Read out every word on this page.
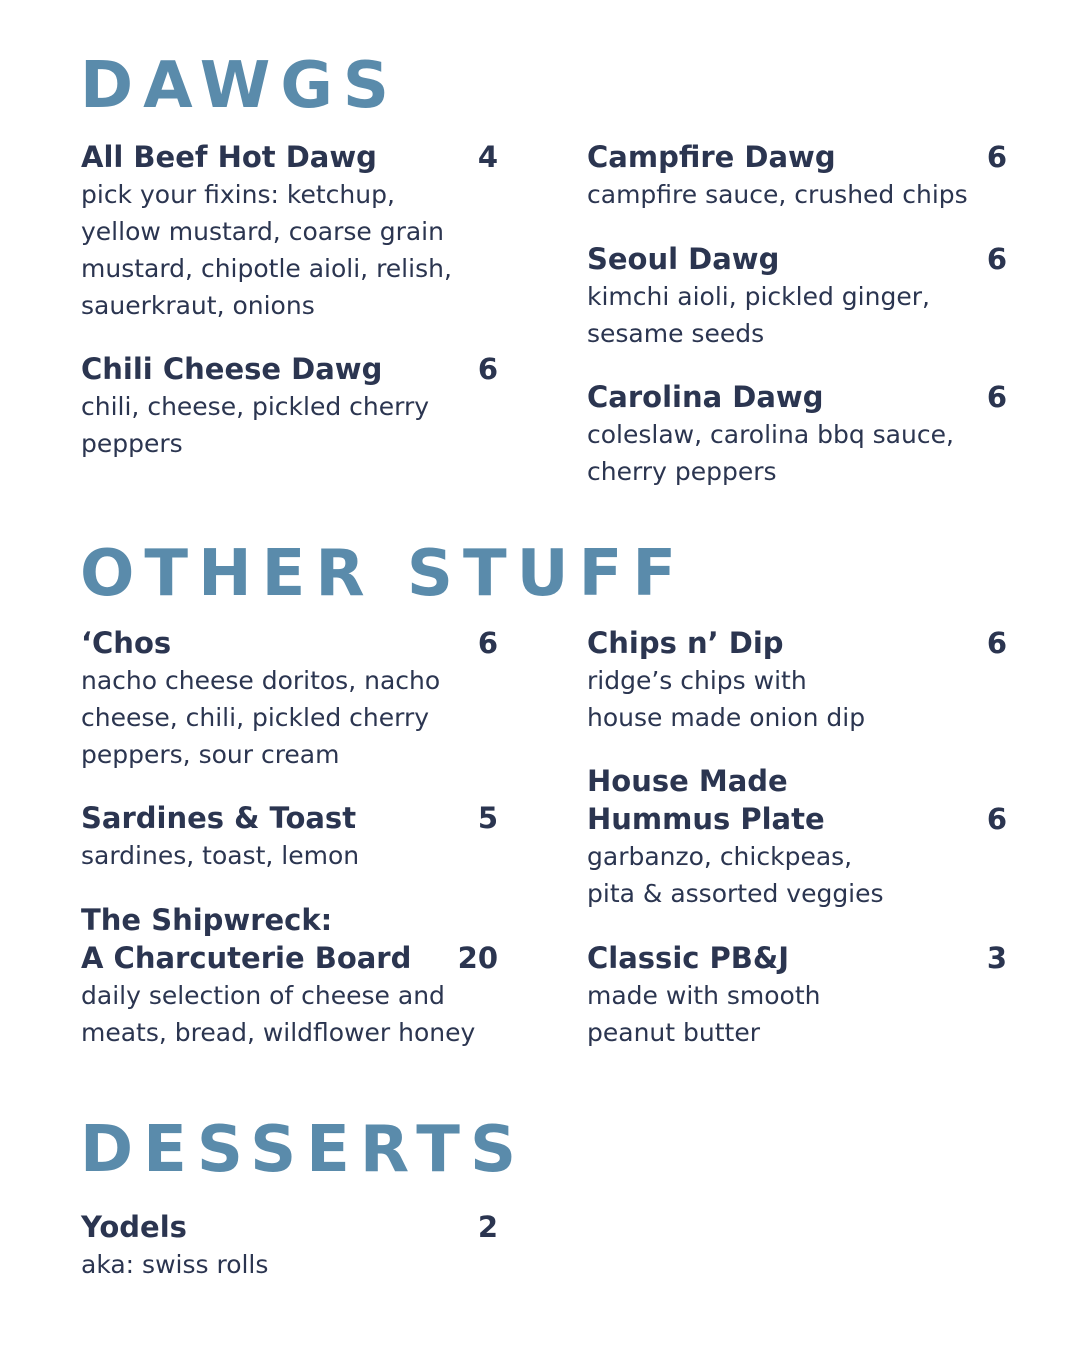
DAWGS
All Beef Hot Dawg	4
pick your fixins: ketchup,
yellow mustard, coarse grain
mustard, chipotle aioli, relish,
sauerkraut, onions
Chili Cheese Dawg	6
chili, cheese, pickled cherry
peppers
Campfire Dawg	6
campfire sauce, crushed chips
Seoul Dawg	6
kimchi aioli, pickled ginger,
sesame seeds
Carolina Dawg	6
coleslaw, carolina bbq sauce,
cherry peppers
OTHER STUFF
‘Chos	6
nacho cheese doritos, nacho
cheese, chili, pickled cherry
peppers, sour cream
Sardines & Toast	5
sardines, toast, lemon
The Shipwreck:
A Charcuterie Board	20
daily selection of cheese and
meats, bread, wildflower honey
Chips n’ Dip	6
ridge’s chips with
house made onion dip
House Made
Hummus Plate	6
garbanzo, chickpeas,
pita & assorted veggies
Classic PB&J	3
made with smooth
peanut butter
DESSERTS
Yodels	2
aka: swiss rolls
